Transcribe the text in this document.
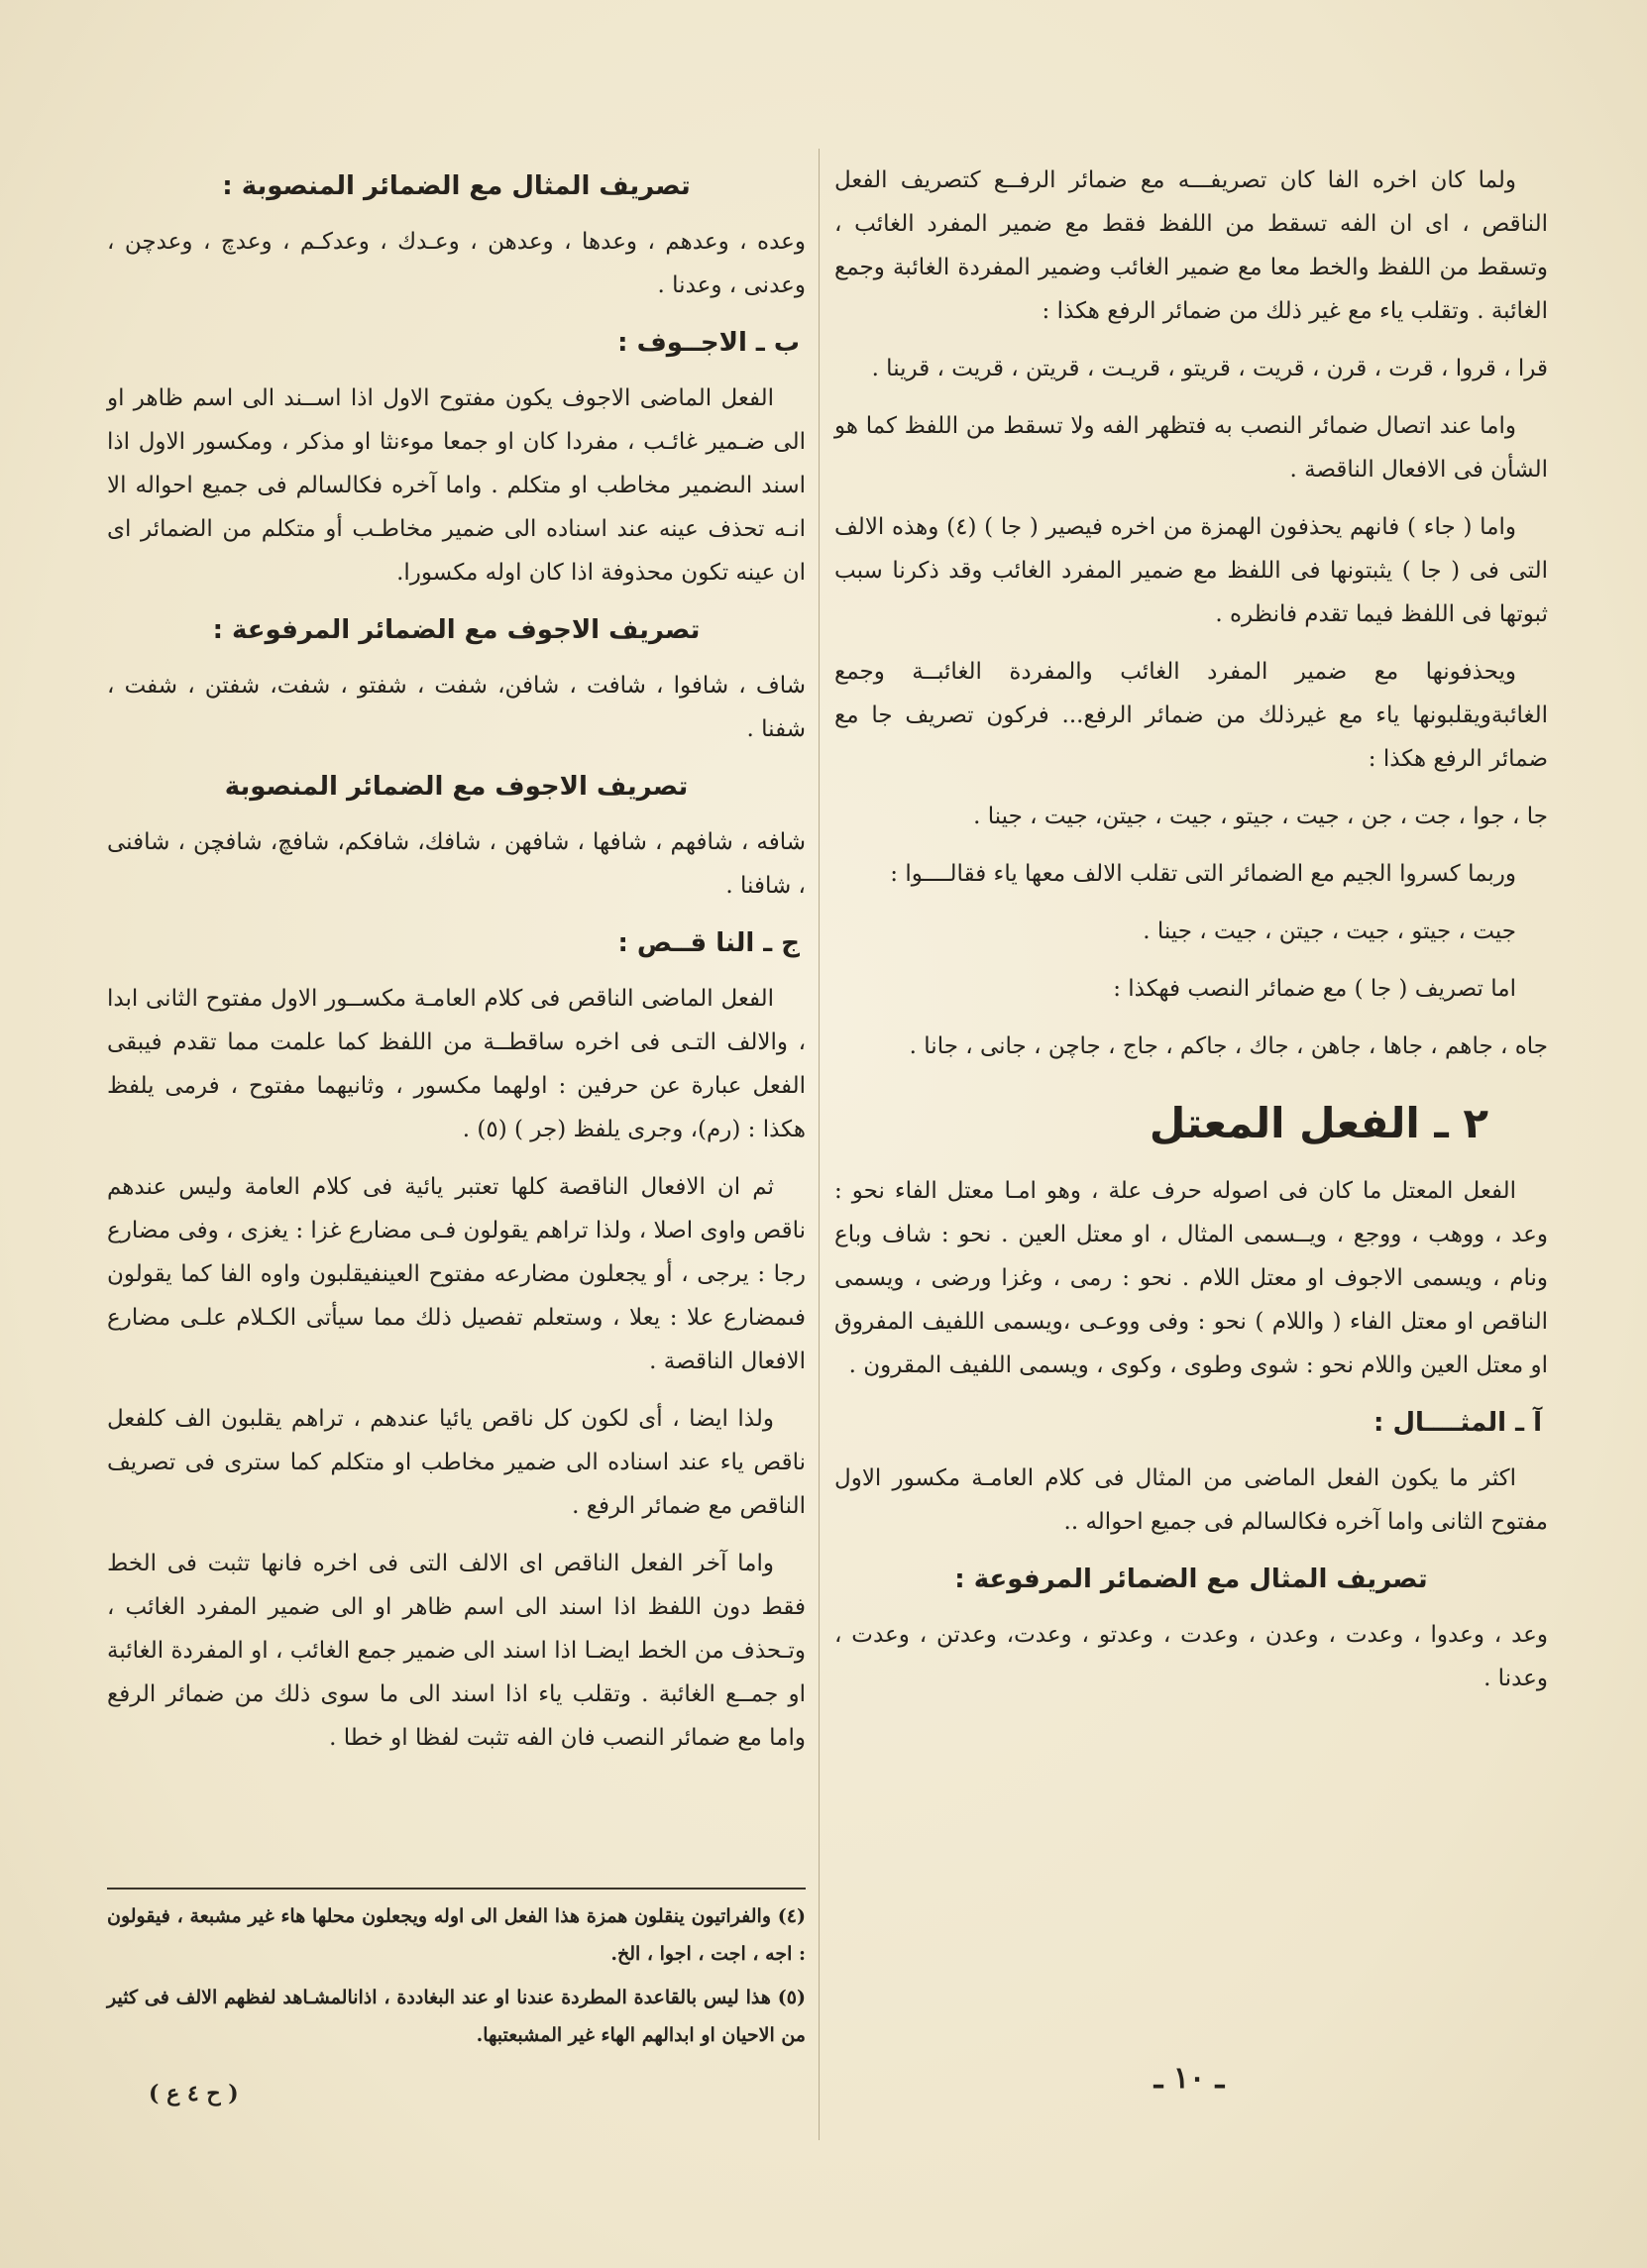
ولما كان اخره الفا كان تصريفـــه مع ضمائر الرفــع كتصريف الفعل الناقص ، اى ان الفه تسقط من اللفظ فقط مع ضمير المفرد الغائب ، وتسقط من اللفظ والخط معا مع ضمير الغائب وضمير المفردة الغائبة وجمع الغائبة . وتقلب ياء مع غير ذلك من ضمائر الرفع هكذا :

قرا ، قروا ، قرت ، قرن ، قريت ، قريتو ، قريـت ، قريتن ، قريت ، قرينا .

واما عند اتصال ضمائر النصب به فتظهر الفه ولا تسقط من اللفظ كما هو الشأن فى الافعال الناقصة .

واما ( جاء ) فانهم يحذفون الهمزة من اخره فيصير ( جا ) (٤) وهذه الالف التى فى ( جا ) يثبتونها فى اللفظ مع ضمير المفرد الغائب وقد ذكرنا سبب ثبوتها فى اللفظ فيما تقدم فانظره .

ويحذفونها مع ضمير المفرد الغائب والمفردة الغائبــة وجمع الغائبةويقلبونها ياء مع غيرذلك من ضمائر الرفع... فركون تصريف جا مع ضمائر الرفع هكذا :

جا ، جوا ، جت ، جن ، جيت ، جيتو ، جيت ، جيتن، جيت ، جينا .

وربما كسروا الجيم مع الضمائر التى تقلب الالف معها ياء فقالــــوا :

جيت ، جيتو ، جيت ، جيتن ، جيت ، جينا .

اما تصريف ( جا ) مع ضمائر النصب فهكذا :

جاه ، جاهم ، جاها ، جاهن ، جاك ، جاكم ، جاج ، جاچن ، جانى ، جانا .

٢ ـ الفعل المعتل

الفعل المعتل ما كان فى اصوله حرف علة ، وهو امـا معتل الفاء نحو : وعد ، ووهب ، ووجع ، ويــسمى المثال ، او معتل العين . نحو : شاف وباع ونام ، ويسمى الاجوف او معتل اللام . نحو : رمى ، وغزا ورضى ، ويسمى الناقص او معتل الفاء ( واللام ) نحو : وفى ووعـى ،ويسمى اللفيف المفروق او معتل العين واللام نحو : شوى وطوى ، وكوى ، ويسمى اللفيف المقرون .

آ ـ المثــــال :

اكثر ما يكون الفعل الماضى من المثال فى كلام العامـة مكسور الاول مفتوح الثانى واما آخره فكالسالم فى جميع احواله ..

تصريف المثال مع الضمائر المرفوعة :

وعد ، وعدوا ، وعدت ، وعدن ، وعدت ، وعدتو ، وعدت، وعدتن ، وعدت ، وعدنا .

تصريف المثال مع الضمائر المنصوبة :

وعده ، وعدهم ، وعدها ، وعدهن ، وعـدك ، وعدكـم ، وعدچ ، وعدچن ، وعدنى ، وعدنا .

ب ـ الاجــوف :

الفعل الماضى الاجوف يكون مفتوح الاول اذا اســند الى اسم ظاهر او الى ضـمير غائـب ، مفردا كان او جمعا موءنثا او مذكر ، ومكسور الاول اذا اسند الىضمير مخاطب او متكلم . واما آخره فكالسالم فى جميع احواله الا انـه تحذف عينه عند اسناده الى ضمير مخاطـب أو متكلم من الضمائر اى ان عينه تكون محذوفة اذا كان اوله مكسورا.

تصريف الاجوف مع الضمائر المرفوعة :

شاف ، شافوا ، شافت ، شافن، شفت ، شفتو ، شفت، شفتن ، شفت ، شفنا .

تصريف الاجوف مع الضمائر المنصوبة

شافه ، شافهم ، شافها ، شافهن ، شافك، شافكم، شافچ، شافچن ، شافنى ، شافنا .

ج ـ النا قــص :

الفعل الماضى الناقص فى كلام العامـة مكســور الاول مفتوح الثانى ابدا ، والالف التـى فى اخره ساقطــة من اللفظ كما علمت مما تقدم فيبقى الفعل عبارة عن حرفين : اولهما مكسور ، وثانيهما مفتوح ، فرمى يلفظ هكذا : (رم)، وجرى يلفظ (جر ) (٥) .

ثم ان الافعال الناقصة كلها تعتبر يائية فى كلام العامة وليس عندهم ناقص واوى اصلا ، ولذا تراهم يقولون فـى مضارع غزا : يغزى ، وفى مضارع رجا : يرجى ، أو يجعلون مضارعه مفتوح العينفيقلبون واوه الفا كما يقولون فىمضارع علا : يعلا ، وستعلم تفصيل ذلك مما سيأتى الكـلام علـى مضارع الافعال الناقصة .

ولذا ايضا ، أى لكون كل ناقص يائيا عندهم ، تراهم يقلبون الف كلفعل ناقص ياء عند اسناده الى ضمير مخاطب او متكلم كما سترى فى تصريف الناقص مع ضمائر الرفع .

واما آخر الفعل الناقص اى الالف التى فى اخره فانها تثبت فى الخط فقط دون اللفظ اذا اسند الى اسم ظاهر او الى ضمير المفرد الغائب ، وتـحذف من الخط ايضـا اذا اسند الى ضمير جمع الغائب ، او المفردة الغائبة او جمــع الغائبة . وتقلب ياء اذا اسند الى ما سوى ذلك من ضمائر الرفع واما مع ضمائر النصب فان الفه تثبت لفظا او خطا .

(٤) والفراتيون ينقلون همزة هذا الفعل الى اوله ويجعلون محلها هاء غير مشبعة ، فيقولون : اجه ، اجت ، اجوا ، الخ.

(٥) هذا ليس بالقاعدة المطردة عندنا او عند البغاددة ، اذانالمشـاهد لفظهم الالف فى كثير من الاحيان او ابدالهم الهاء غير المشبعتبها.

ـ ١٠ ـ
( ح ٤ ع )
